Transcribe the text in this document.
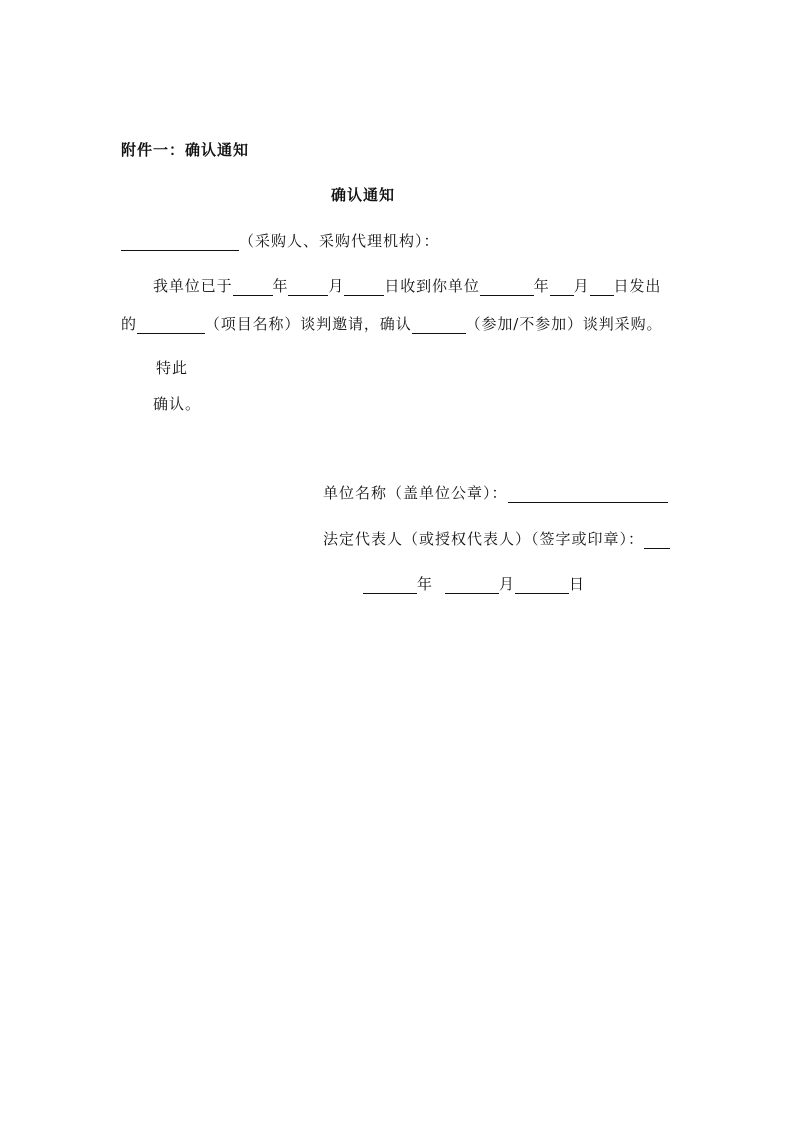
附件一：确认通知
确认通知
（采购人、采购代理机构）：
我单位已于	年	月	日收到你单位	年 月 日发出
的	（项目名称）谈判邀请，确认	（参加/不参加）谈判采购。
特此
确认。
单位名称（盖单位公章）：
法定代表人（或授权代表人）（签字或印章）：
年	月	日
